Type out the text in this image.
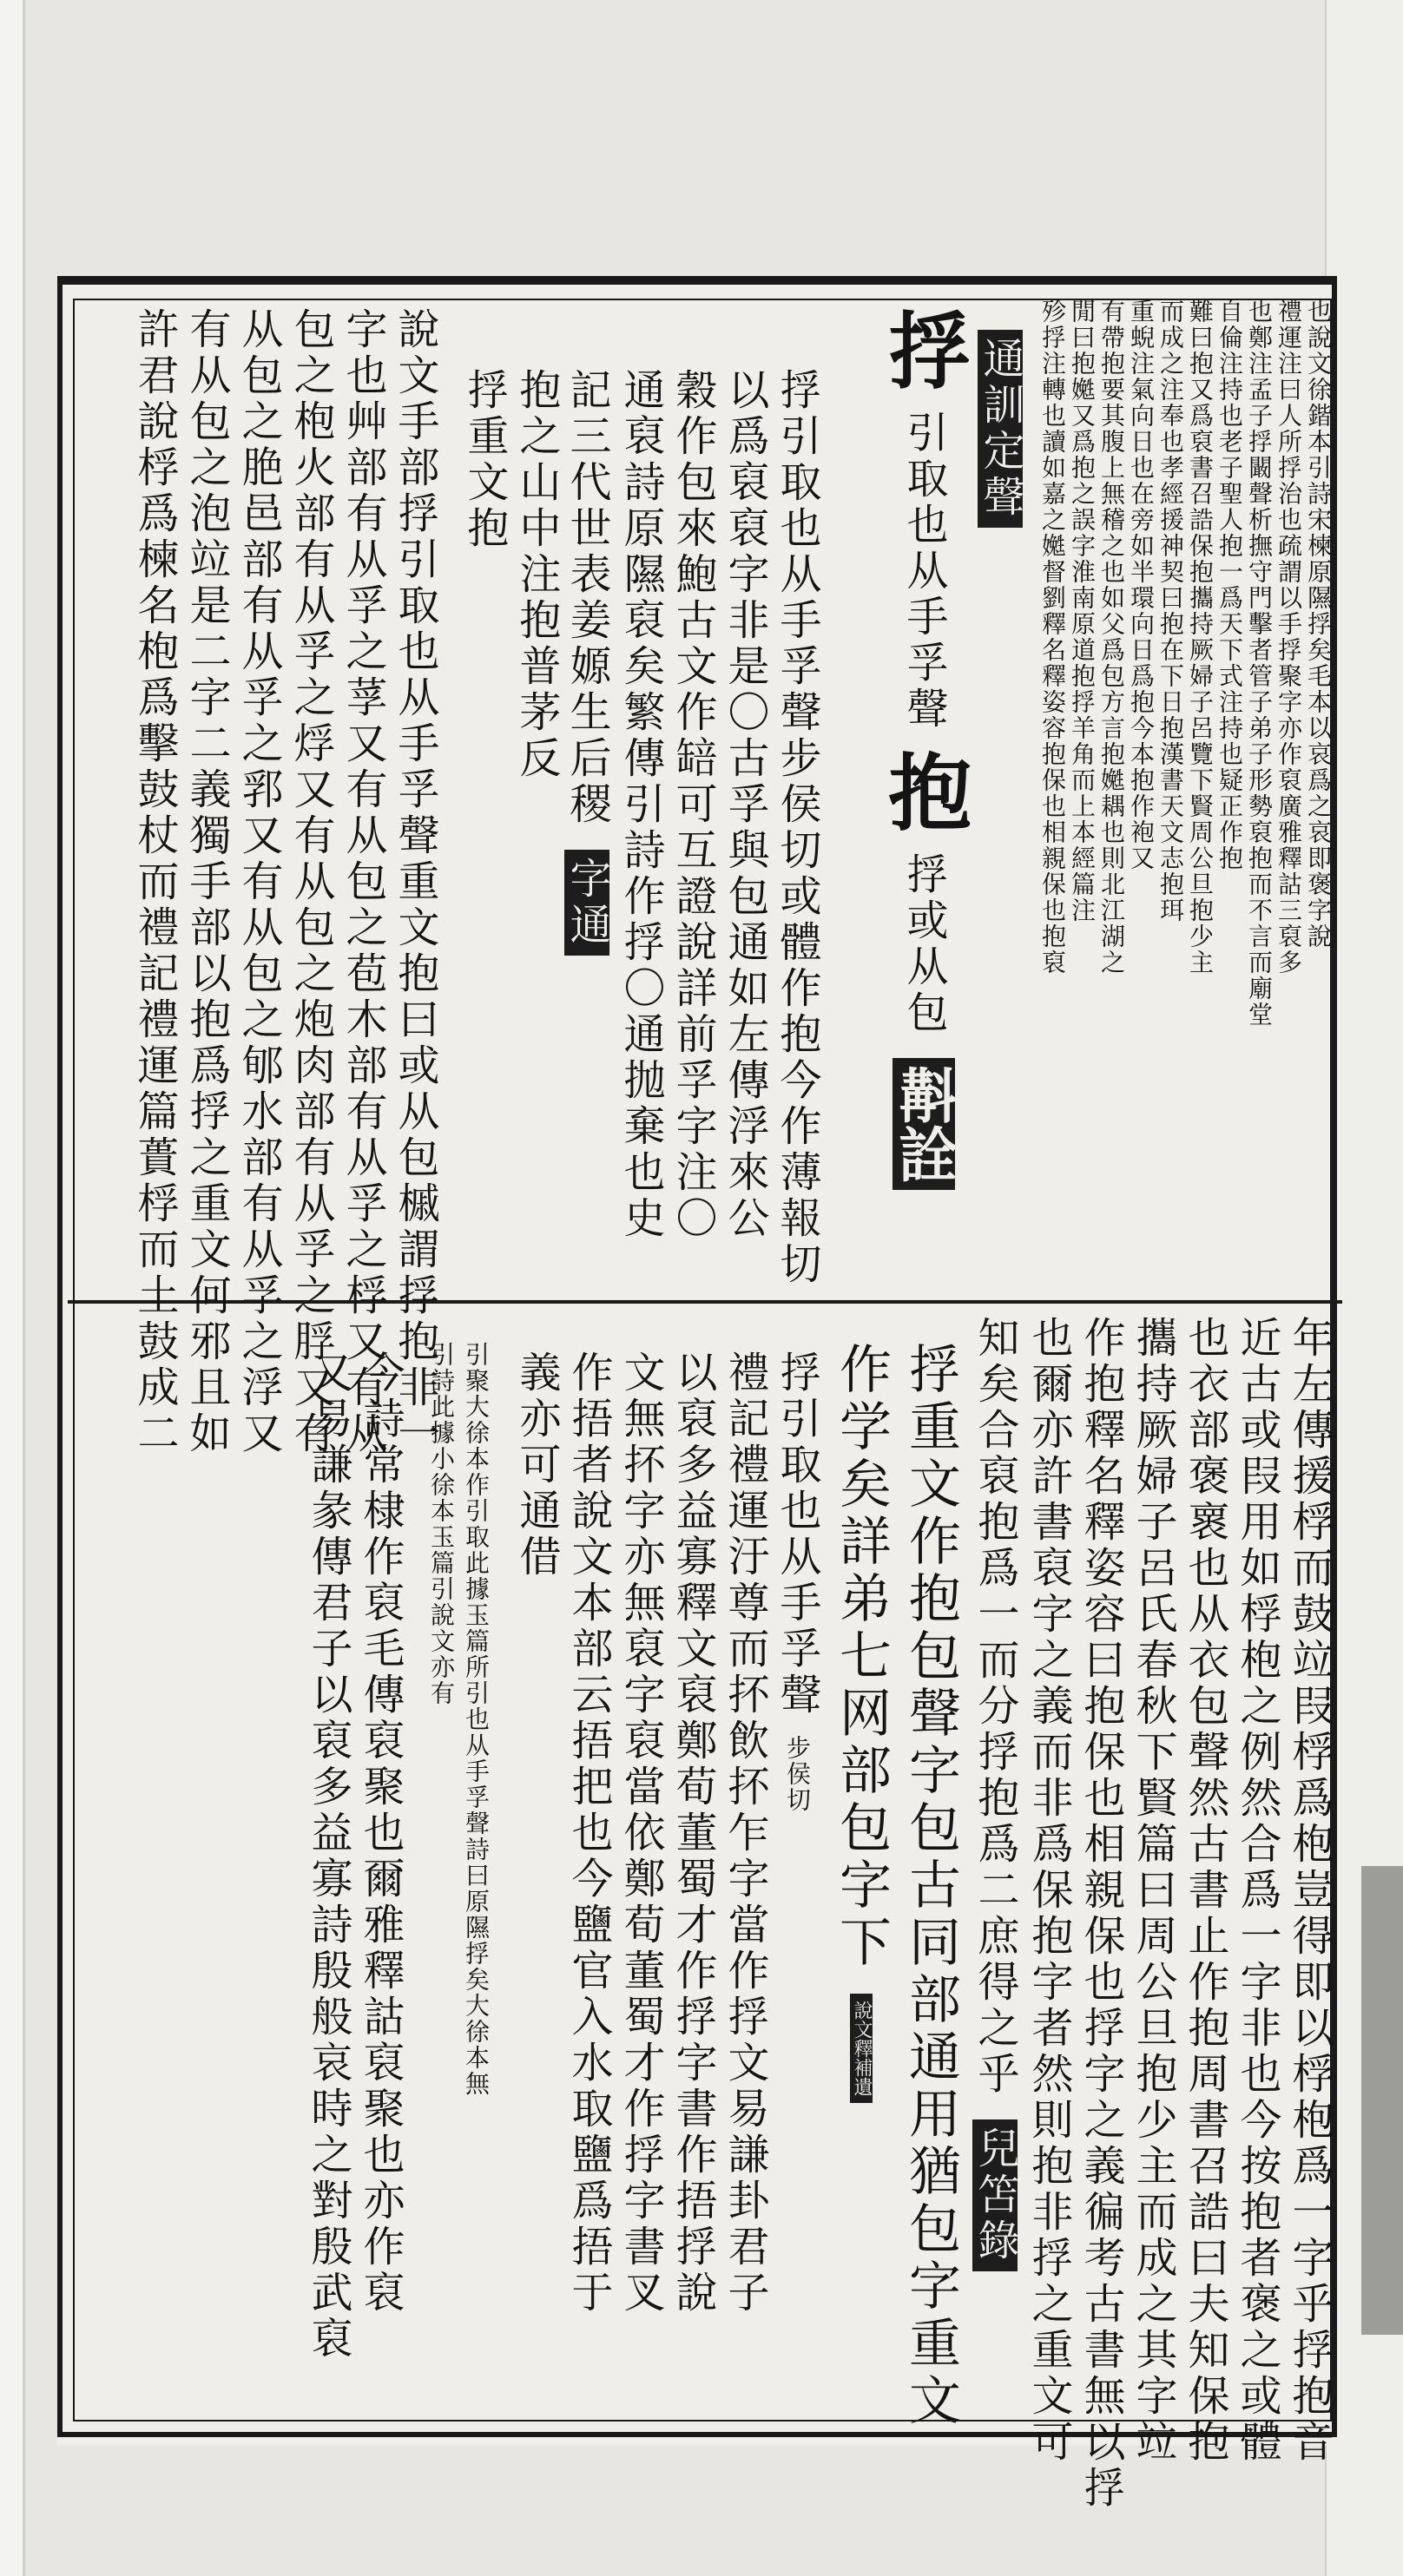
也說文徐鍇本引詩宋楝原隰捊矣毛本以哀爲之哀即褒字說
禮運注曰人所捊治也疏謂以手捊聚字亦作裒廣雅釋詁三裒多
也鄭注孟子捊闞聲析撫守門擊者管子弟子形勢裒抱而不言而廟堂
自倫注持也老子聖人抱一爲天下式注持也疑正作抱
難曰抱又爲裒書召誥保抱攜持厥婦子呂覽下賢周公旦抱少主
而成之注奉也孝經援神契曰抱在下日抱漢書天文志抱珥
重蜺注氣向日也在旁如半環向日爲抱今本抱作袍又
有帶抱要其腹上無稽之也如父爲包方言抱嬔耦也則北江湖之
閒曰抱嬔又爲抱之誤字淮南原道抱捊羊角而上本經篇注
殄捊注轉也讀如嘉之嬔督劉釋名釋姿容抱保也相親保也抱裒
通訓定聲
捊 引取也从手孚聲 抱 捊或从包 斠詮
捊引取也从手孚聲步侯切或體作抱今作薄報切
以爲裒裒字非是〇古孚與包通如左傳浮來公
穀作包來鮑古文作䍌可互證說詳前孚字注〇
通裒詩原隰裒矣繁傳引詩作捊〇通抛棄也史
記三代世表姜嫄生后稷 字通
抱之山中注抱普茅反
捊重文抱
說文手部捊引取也从手孚聲重文抱曰或从包槭謂捊抱非一
字也艸部有从孚之莩又有从包之苞木部有从孚之桴又有从
包之枹火部有从孚之烰又有从包之炮肉部有从孚之脬又有
从包之脃邑部有从孚之郛又有从包之郇水部有从孚之浮又
有从包之泡竝是二字二義獨手部以抱爲捊之重文何邪且如
許君說桴爲楝名枹爲擊鼓杖而禮記禮運篇蕢桴而土鼓成二
年左傳援桴而鼓竝叚桴爲枹豈得即以桴枹爲一字乎捊抱音
近古或叚用如桴枹之例然合爲一字非也今按抱者褒之或體
也衣部褒褱也从衣包聲然古書止作抱周書召誥曰夫知保抱
攜持厥婦子呂氏春秋下賢篇曰周公旦抱少主而成之其字竝
作抱釋名釋姿容曰抱保也相親保也捊字之義徧考古書無以捊
也爾亦許書裒字之義而非爲保抱字者然則抱非捊之重文可
知矣合裒抱爲一而分捊抱爲二庶得之乎 兒笘錄
捊重文作抱包聲字包古同部通用猶包字重文
作学矣詳弟七网部包字下 說文釋補遺
捊引取也从手孚聲 步侯切
禮記禮運汙尊而抔飲抔乍字當作捊文易謙卦君子
以裒多益寡釋文裒鄭荀董蜀才作捊字書作捂捊說
文無抔字亦無裒字裒當依鄭荀董蜀才作捊字書叉
作捂者說文本部云捂把也今鹽官入水取鹽爲捂于
義亦可通借
引聚大徐本作引取此據玉篇所引也从手孚聲詩曰原隰捊矣大徐本無
引詩此據小徐本玉篇引說文亦有
今詩常棣作裒毛傳裒聚也爾雅釋詁裒聚也亦作裒
又易謙彖傳君子以裒多益寡詩殷般哀時之對殷武裒
